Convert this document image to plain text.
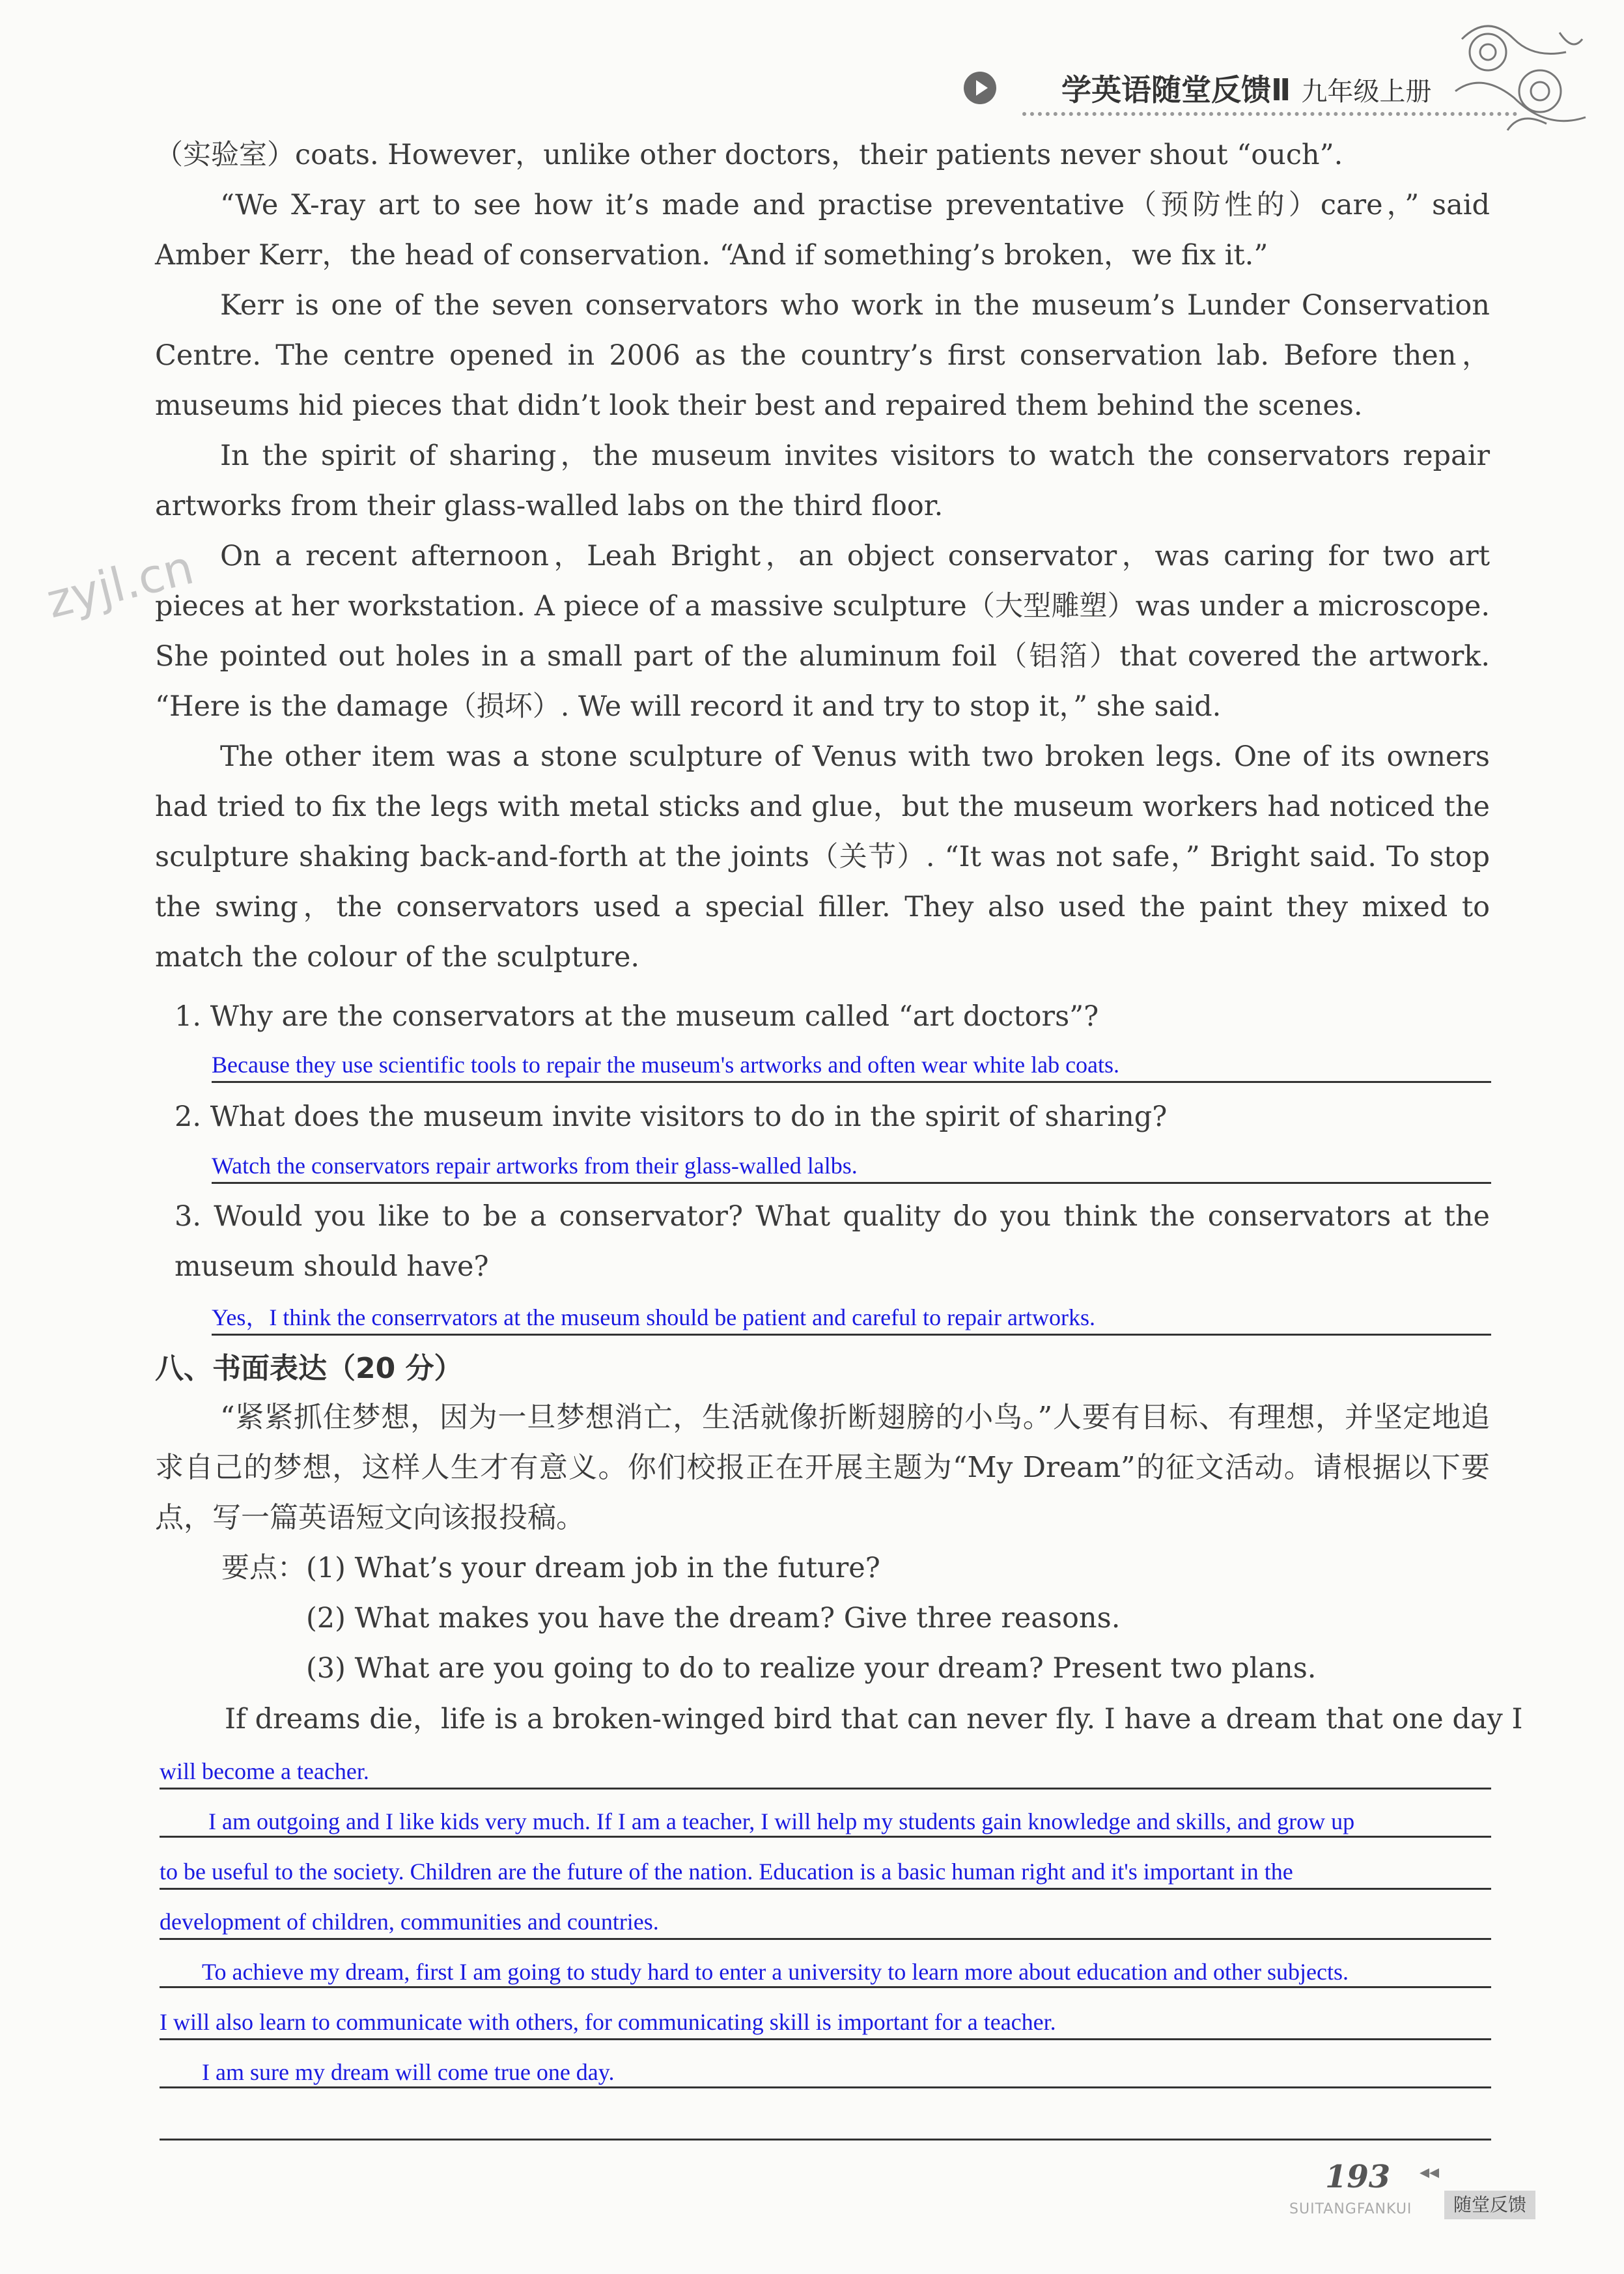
学英语随堂反馈Ⅱ 九年级上册
zyjl.cn

（实验室）coats. However，unlike other doctors，their patients never shout “ouch”.

“We X-ray art to see how it’s made and practise preventative（预防性的）care，” said Amber Kerr，the head of conservation. “And if something’s broken，we fix it.”

Kerr is one of the seven conservators who work in the museum’s Lunder Conservation Centre. The centre opened in 2006 as the country’s first conservation lab. Before then，museums hid pieces that didn’t look their best and repaired them behind the scenes.

In the spirit of sharing，the museum invites visitors to watch the conservators repair artworks from their glass-walled labs on the third floor.

On a recent afternoon，Leah Bright，an object conservator，was caring for two art pieces at her workstation. A piece of a massive sculpture（大型雕塑）was under a microscope. She pointed out holes in a small part of the aluminum foil（铝箔）that covered the artwork. “Here is the damage（损坏）. We will record it and try to stop it，” she said.

The other item was a stone sculpture of Venus with two broken legs. One of its owners had tried to fix the legs with metal sticks and glue，but the museum workers had noticed the sculpture shaking back-and-forth at the joints（关节）. “It was not safe，” Bright said. To stop the swing，the conservators used a special filler. They also used the paint they mixed to match the colour of the sculpture.

1. Why are the conservators at the museum called “art doctors”?
Because they use scientific tools to repair the museum's artworks and often wear white lab coats.
2. What does the museum invite visitors to do in the spirit of sharing?
Watch the conservators repair artworks from their glass-walled lalbs.
3. Would you like to be a conservator? What quality do you think the conservators at the museum should have?
Yes，I think the conserrvators at the museum should be patient and careful to repair artworks.
八、书面表达（20 分）
“紧紧抓住梦想，因为一旦梦想消亡，生活就像折断翅膀的小鸟。”人要有目标、有理想，并坚定地追求自己的梦想，这样人生才有意义。你们校报正在开展主题为“My Dream”的征文活动。请根据以下要点，写一篇英语短文向该报投稿。
要点： (1) What’s your dream job in the future?
(2) What makes you have the dream? Give three reasons.
(3) What are you going to do to realize your dream? Present two plans.
If dreams die，life is a broken-winged bird that can never fly. I have a dream that one day I
will become a teacher.
I am outgoing and I like kids very much. If I am a teacher, I will help my students gain knowledge and skills, and grow up
to be useful to the society. Children are the future of the nation. Education is a basic human right and it's important in the
development of children, communities and countries.
To achieve my dream, first I am going to study hard to enter a university to learn more about education and other subjects.
I will also learn to communicate with others, for communicating skill is important for a teacher.
I am sure my dream will come true one day.
193 ◂◂
SUITANGFANKUI	随堂反馈
